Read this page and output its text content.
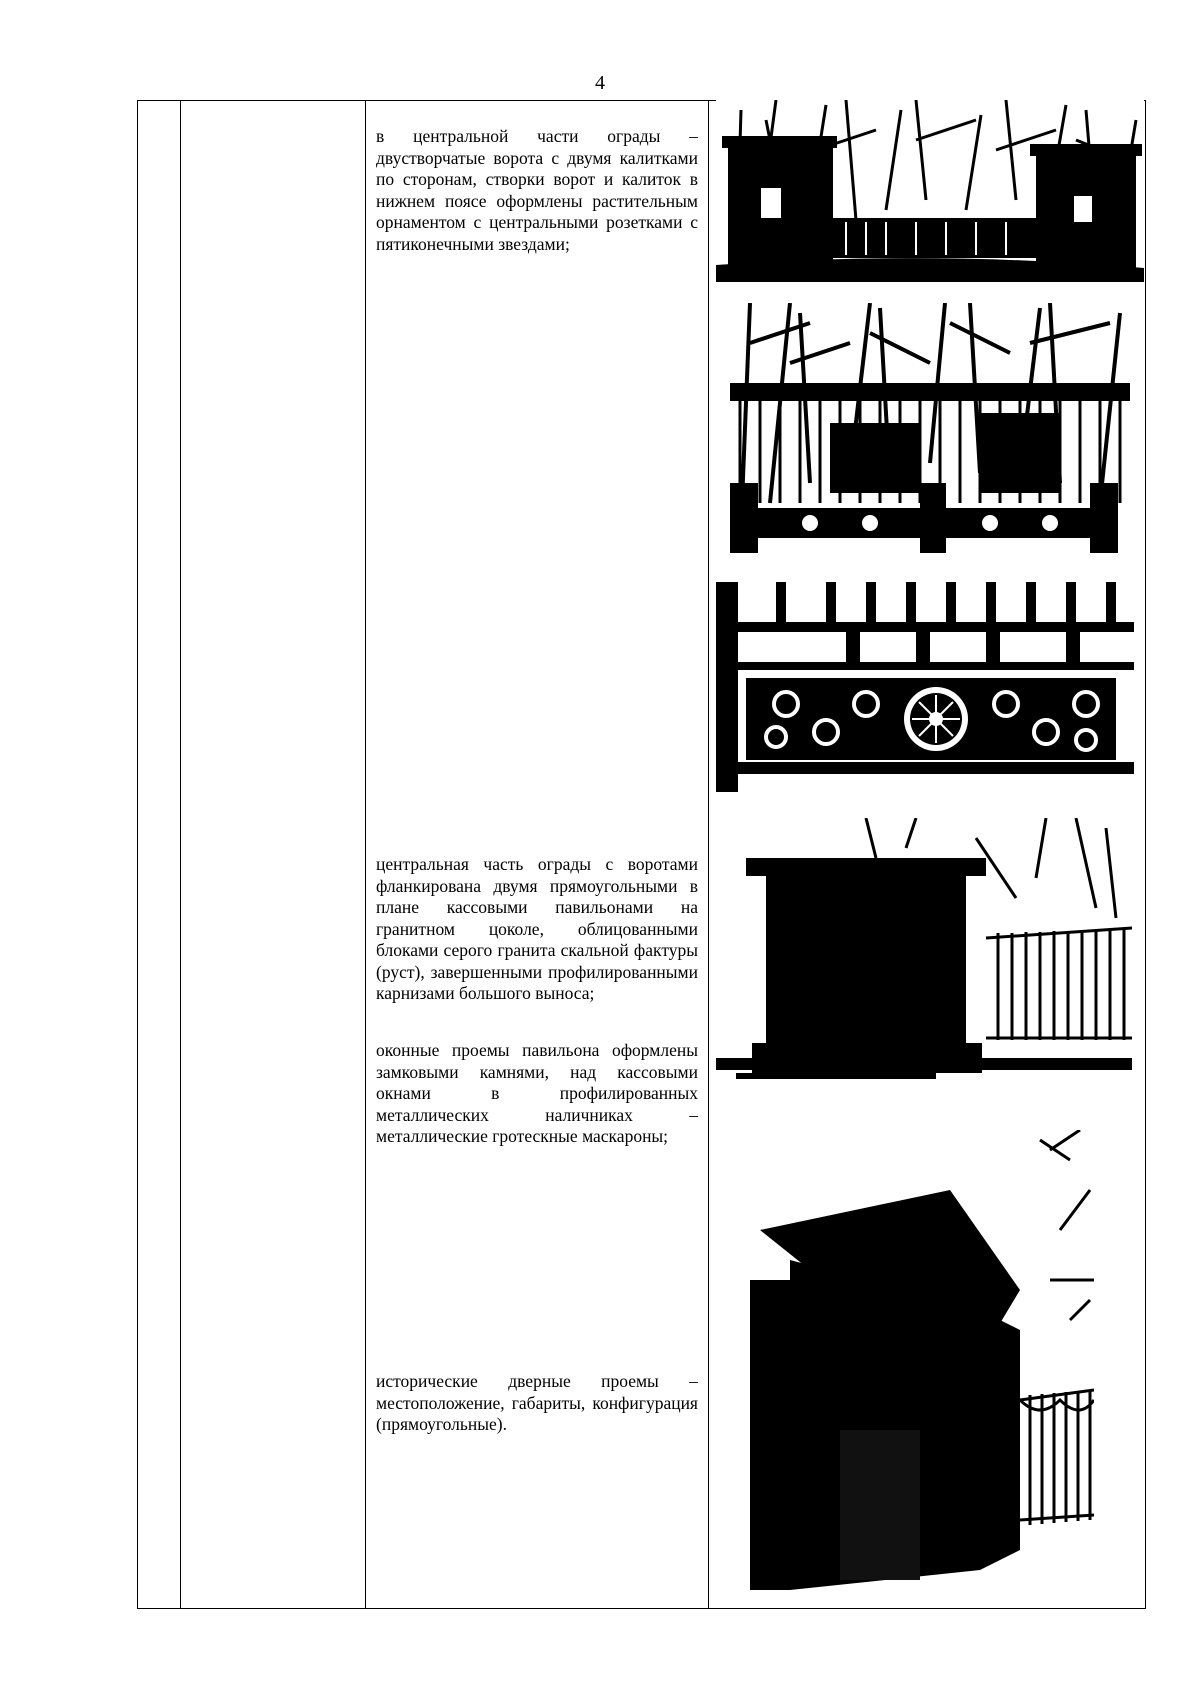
4
в центральной части ограды – двустворчатые ворота с двумя калитками по сторонам, створки ворот и калиток в нижнем поясе оформлены растительным орнаментом с центральными розетками с пятиконечными звездами;
центральная часть ограды с воротами фланкирована двумя прямоугольными в плане кассовыми павильонами на гранитном цоколе, облицованными блоками серого гранита скальной фактуры (руст), завершенными профилированными карнизами большого выноса;
оконные проемы павильона оформлены замковыми камнями, над кассовыми окнами в профилированных металлических наличниках – металлические гротескные маскароны;
исторические дверные проемы – местоположение, габариты, конфигурация (прямоугольные).
